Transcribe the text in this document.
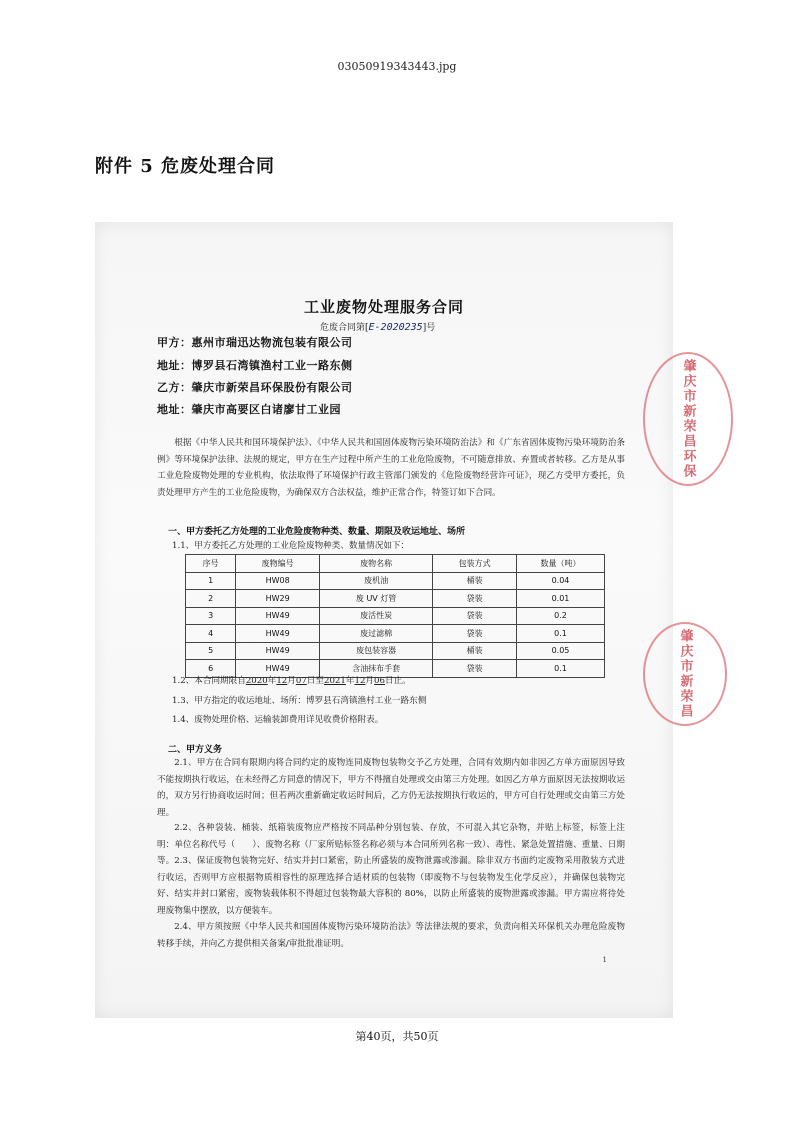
03050919343443.jpg
附件 5 危废处理合同
工业废物处理服务合同
危废合同第[E-2020235]号
甲方：惠州市瑞迅达物流包装有限公司
地址：博罗县石湾镇渔村工业一路东侧
乙方：肇庆市新荣昌环保股份有限公司
地址：肇庆市高要区白诸廖甘工业园
根据《中华人民共和国环境保护法》、《中华人民共和国固体废物污染环境防治法》和《广东省固体废物污染环境防治条例》等环境保护法律、法规的规定，甲方在生产过程中所产生的工业危险废物，不可随意排放、弃置或者转移。乙方是从事工业危险废物处理的专业机构，依法取得了环境保护行政主管部门颁发的《危险废物经营许可证》，现乙方受甲方委托，负责处理甲方产生的工业危险废物，为确保双方合法权益，维护正常合作，特签订如下合同。
一、甲方委托乙方处理的工业危险废物种类、数量、期限及收运地址、场所
1.1、甲方委托乙方处理的工业危险废物种类、数量情况如下：
序号	废物编号	废物名称	包装方式	数量（吨）
1	HW08	废机油	桶装	0.04
2	HW29	废 UV 灯管	袋装	0.01
3	HW49	废活性炭	袋装	0.2
4	HW49	废过滤棉	袋装	0.1
5	HW49	废包装容器	桶装	0.05
6	HW49	含油抹布手套	袋装	0.1
1.2、本合同期限自2020年12月07日至2021年12月06日止。
1.3、甲方指定的收运地址、场所：博罗县石湾镇渔村工业一路东侧
1.4、废物处理价格、运输装卸费用详见收费价格附表。
二、甲方义务
2.1、甲方在合同有限期内将合同约定的废物连同废物包装物交予乙方处理，合同有效期内如非因乙方单方面原因导致不能按期执行收运，在未经得乙方同意的情况下，甲方不得擅自处理或交由第三方处理。如因乙方单方面原因无法按期收运的，双方另行协商收运时间；但若两次重新确定收运时间后，乙方仍无法按期执行收运的，甲方可自行处理或交由第三方处理。
2.2、各种袋装、桶装、纸箱装废物应严格按不同品种分别包装、存放，不可混入其它杂物，并贴上标签，标签上注明：单位名称代号（　　）、废物名称（厂家所贴标签名称必须与本合同所列名称一致）、毒性、紧急处置措施、重量、日期等。 2.3、保证废物包装物完好、结实并封口紧密，防止所盛装的废物泄露或渗漏。除非双方书面约定废物采用散装方式进行收运，否则甲方应根据物质相容性的原理选择合适材质的包装物（即废物不与包装物发生化学反应），并确保包装物完好、结实并封口紧密，废物装载体积不得超过包装物最大容积的 80%，以防止所盛装的废物泄露或渗漏。甲方需应将待处理废物集中摆放，以方便装车。
2.4、甲方须按照《中华人民共和国固体废物污染环境防治法》等法律法规的要求，负责向相关环保机关办理危险废物转移手续，并向乙方提供相关备案/审批批准证明。
1
肇庆市新荣昌环保
肇庆市新荣昌
第40页，共50页
